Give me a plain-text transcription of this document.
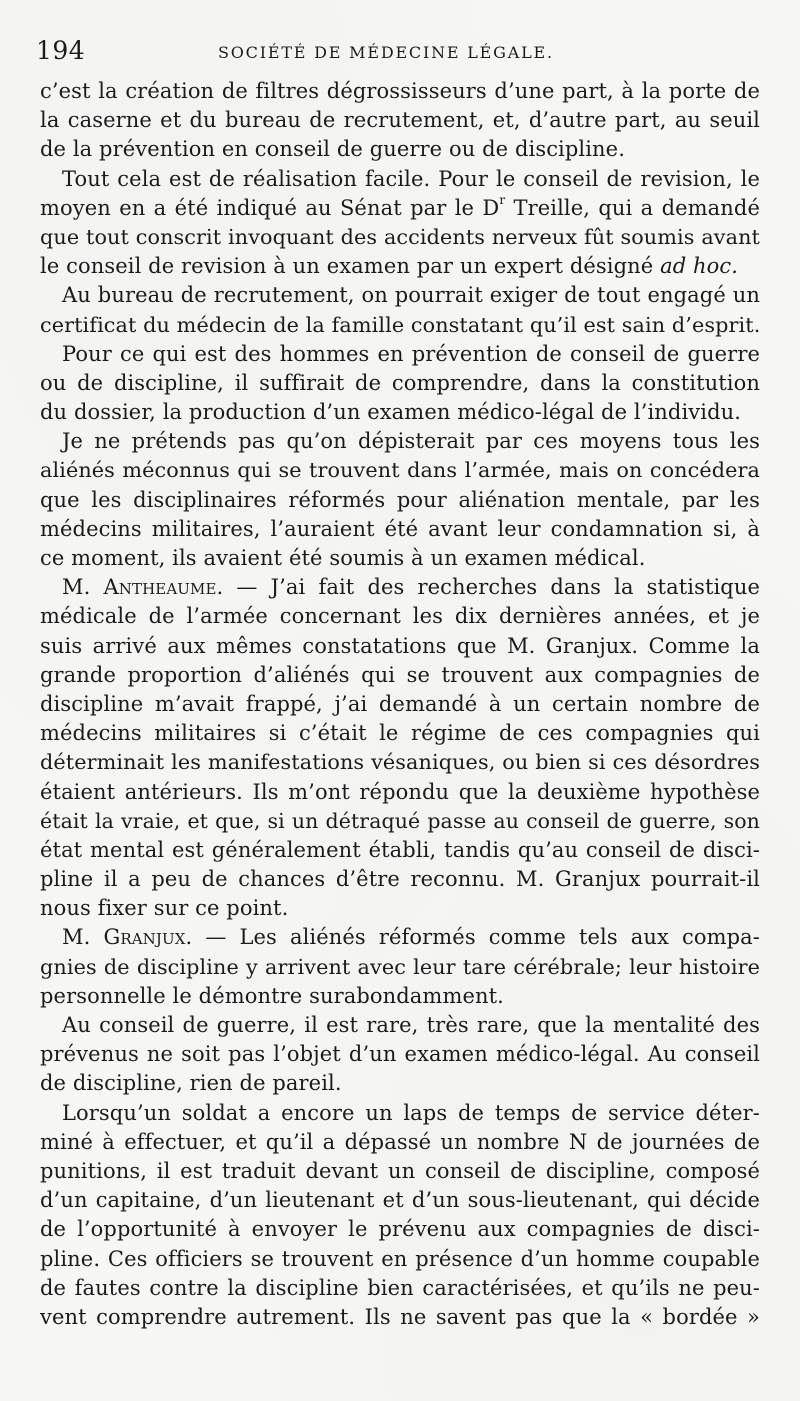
194	SOCIÉTÉ DE MÉDECINE LÉGALE.
c’est la création de filtres dégrossisseurs d’une part, à la porte de
la caserne et du bureau de recrutement, et, d’autre part, au seuil
de la prévention en conseil de guerre ou de discipline.
Tout cela est de réalisation facile. Pour le conseil de revision, le
moyen en a été indiqué au Sénat par le $D^r$ Treille, qui a demandé
que tout conscrit invoquant des accidents nerveux fût soumis avant
le conseil de revision à un examen par un expert désigné ad hoc.
Au bureau de recrutement, on pourrait exiger de tout engagé un
certificat du médecin de la famille constatant qu’il est sain d’esprit.
Pour ce qui est des hommes en prévention de conseil de guerre
ou de discipline, il suffirait de comprendre, dans la constitution
du dossier, la production d’un examen médico-légal de l’individu.
Je ne prétends pas qu’on dépisterait par ces moyens tous les
aliénés méconnus qui se trouvent dans l’armée, mais on concédera
que les disciplinaires réformés pour aliénation mentale, par les
médecins militaires, l’auraient été avant leur condamnation si, à
ce moment, ils avaient été soumis à un examen médical.
M. Antheaume. — J’ai fait des recherches dans la statistique
médicale de l’armée concernant les dix dernières années, et je
suis arrivé aux mêmes constatations que M. Granjux. Comme la
grande proportion d’aliénés qui se trouvent aux compagnies de
discipline m’avait frappé, j’ai demandé à un certain nombre de
médecins militaires si c’était le régime de ces compagnies qui
déterminait les manifestations vésaniques, ou bien si ces désordres
étaient antérieurs. Ils m’ont répondu que la deuxième hypothèse
était la vraie, et que, si un détraqué passe au conseil de guerre, son
état mental est généralement établi, tandis qu’au conseil de disci-
pline il a peu de chances d’être reconnu. M. Granjux pourrait-il
nous fixer sur ce point.
M. Granjux. — Les aliénés réformés comme tels aux compa-
gnies de discipline y arrivent avec leur tare cérébrale; leur histoire
personnelle le démontre surabondamment.
Au conseil de guerre, il est rare, très rare, que la mentalité des
prévenus ne soit pas l’objet d’un examen médico-légal. Au conseil
de discipline, rien de pareil.
Lorsqu’un soldat a encore un laps de temps de service déter-
miné à effectuer, et qu’il a dépassé un nombre N de journées de
punitions, il est traduit devant un conseil de discipline, composé
d’un capitaine, d’un lieutenant et d’un sous-lieutenant, qui décide
de l’opportunité à envoyer le prévenu aux compagnies de disci-
pline. Ces officiers se trouvent en présence d’un homme coupable
de fautes contre la discipline bien caractérisées, et qu’ils ne peu-
vent comprendre autrement. Ils ne savent pas que la « bordée »
